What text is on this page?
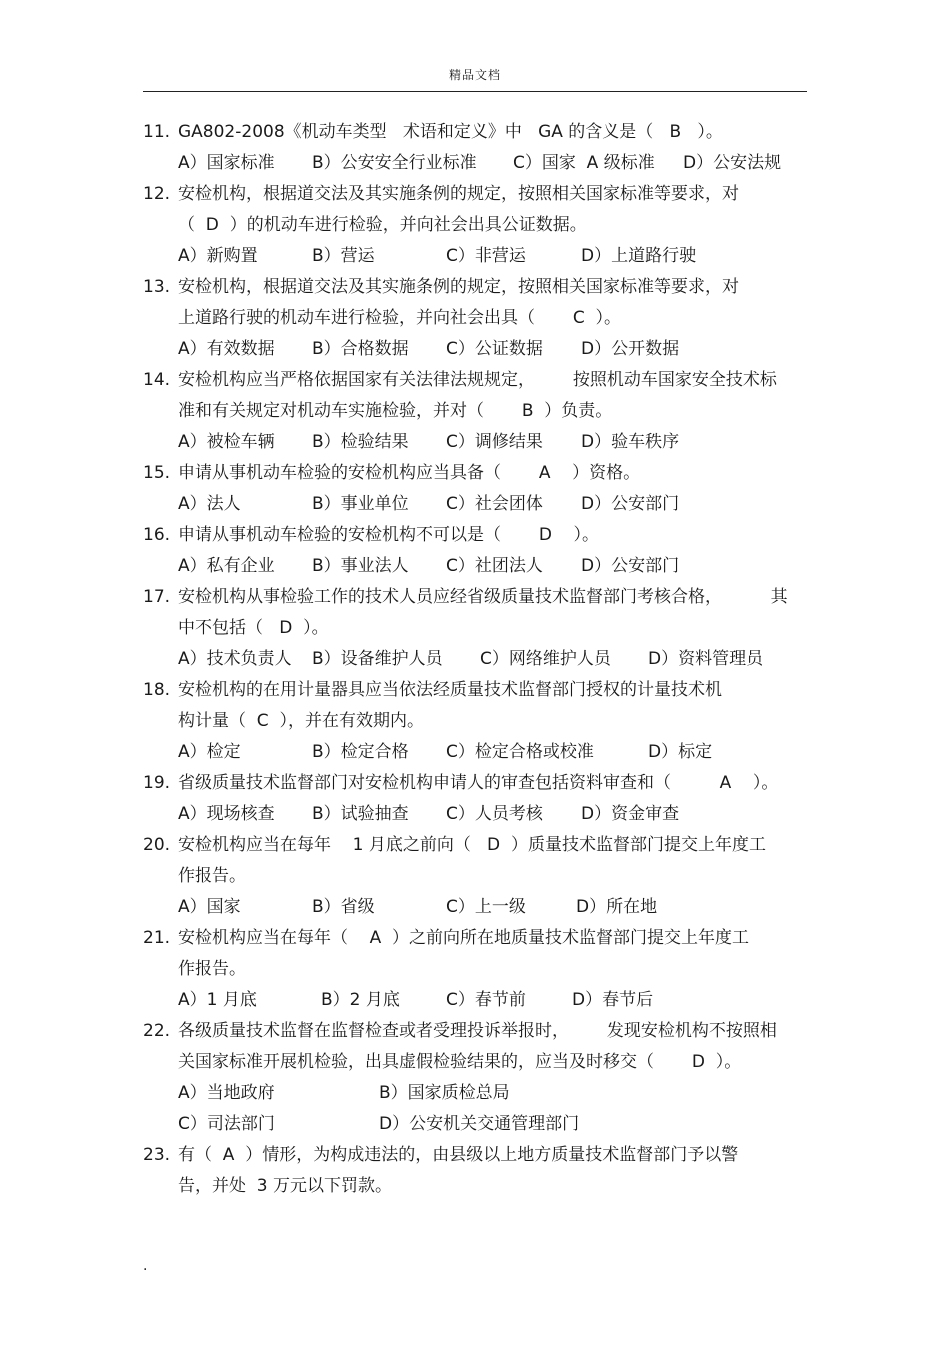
精品文档
11. GA802-2008《机动车类型   术语和定义》中   GA 的含义是（   B   ）。
A）国家标准 B）公安安全行业标准 C）国家  A 级标准 D）公安法规
12. 安检机构，根据道交法及其实施条例的规定，按照相关国家标准等要求，对
（  D  ）的机动车进行检验，并向社会出具公证数据。
A）新购置	B）营运	C）非营运	D）上道路行驶
13. 安检机构，根据道交法及其实施条例的规定，按照相关国家标准等要求，对
上道路行驶的机动车进行检验，并向社会出具（       C  ）。
A）有效数据 B）合格数据 C）公证数据 D）公开数据
14. 安检机构应当严格依据国家有关法律法规规定，       按照机动车国家安全技术标
准和有关规定对机动车实施检验，并对（       B  ）负责。
A）被检车辆 B）检验结果 C）调修结果 D）验车秩序
15. 申请从事机动车检验的安检机构应当具备（       A    ）资格。
A）法人	B）事业单位 C）社会团体 D）公安部门
16. 申请从事机动车检验的安检机构不可以是（       D    ）。
A）私有企业 B）事业法人 C）社团法人 D）公安部门
17. 安检机构从事检验工作的技术人员应经省级质量技术监督部门考核合格，         其
中不包括（   D  ）。
A）技术负责人 B）设备维护人员 C）网络维护人员 D）资料管理员
18. 安检机构的在用计量器具应当依法经质量技术监督部门授权的计量技术机
构计量（  C  ），并在有效期内。
A）检定	B）检定合格 C）检定合格或校准	D）标定
19. 省级质量技术监督部门对安检机构申请人的审查包括资料审查和（         A    ）。
A）现场核查 B）试验抽查 C）人员考核 D）资金审查
20. 安检机构应当在每年    1 月底之前向（   D  ）质量技术监督部门提交上年度工
作报告。
A）国家	B）省级	C）上一级	D）所在地
21. 安检机构应当在每年（    A  ）之前向所在地质量技术监督部门提交上年度工
作报告。
A）1 月底	B）2 月底	C）春节前	D）春节后
22. 各级质量技术监督在监督检查或者受理投诉举报时，       发现安检机构不按照相
关国家标准开展机检验，出具虚假检验结果的，应当及时移交（       D  ）。
A）当地政府	B）国家质检总局
C）司法部门	D）公安机关交通管理部门
23. 有（  A  ）情形，为构成违法的，由县级以上地方质量技术监督部门予以警
告，并处  3 万元以下罚款。
.
